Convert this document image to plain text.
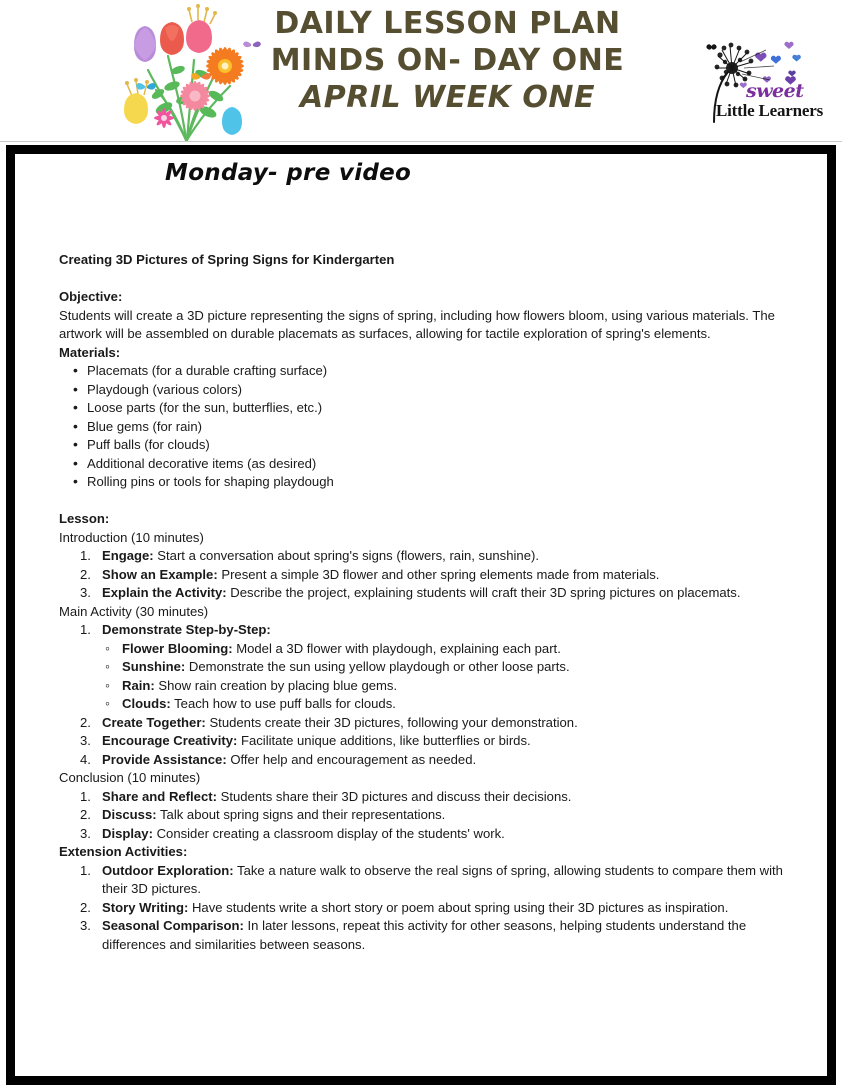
DAILY LESSON PLAN
MINDS ON- DAY ONE
APRIL WEEK ONE	sweet
Little Learners
Monday- pre video
Creating 3D Pictures of Spring Signs for Kindergarten
Objective:
Students will create a 3D picture representing the signs of spring, including how flowers bloom, using various materials. The artwork will be assembled on durable placemats as surfaces, allowing for tactile exploration of spring's elements.
Materials:
• Placemats (for a durable crafting surface)
• Playdough (various colors)
• Loose parts (for the sun, butterflies, etc.)
• Blue gems (for rain)
• Puff balls (for clouds)
• Additional decorative items (as desired)
• Rolling pins or tools for shaping playdough
Lesson:
Introduction (10 minutes)
Engage: Start a conversation about spring's signs (flowers, rain, sunshine).
Show an Example: Present a simple 3D flower and other spring elements made from materials.
Explain the Activity: Describe the project, explaining students will craft their 3D spring pictures on placemats.
Main Activity (30 minutes)
Demonstrate Step-by-Step:
◦ Flower Blooming: Model a 3D flower with playdough, explaining each part.
◦ Sunshine: Demonstrate the sun using yellow playdough or other loose parts.
◦ Rain: Show rain creation by placing blue gems.
◦ Clouds: Teach how to use puff balls for clouds.
Create Together: Students create their 3D pictures, following your demonstration.
Encourage Creativity: Facilitate unique additions, like butterflies or birds.
Provide Assistance: Offer help and encouragement as needed.
Conclusion (10 minutes)
Share and Reflect: Students share their 3D pictures and discuss their decisions.
Discuss: Talk about spring signs and their representations.
Display: Consider creating a classroom display of the students' work.
Extension Activities:
Outdoor Exploration: Take a nature walk to observe the real signs of spring, allowing students to compare them with their 3D pictures.
Story Writing: Have students write a short story or poem about spring using their 3D pictures as inspiration.
Seasonal Comparison: In later lessons, repeat this activity for other seasons, helping students understand the differences and similarities between seasons.
